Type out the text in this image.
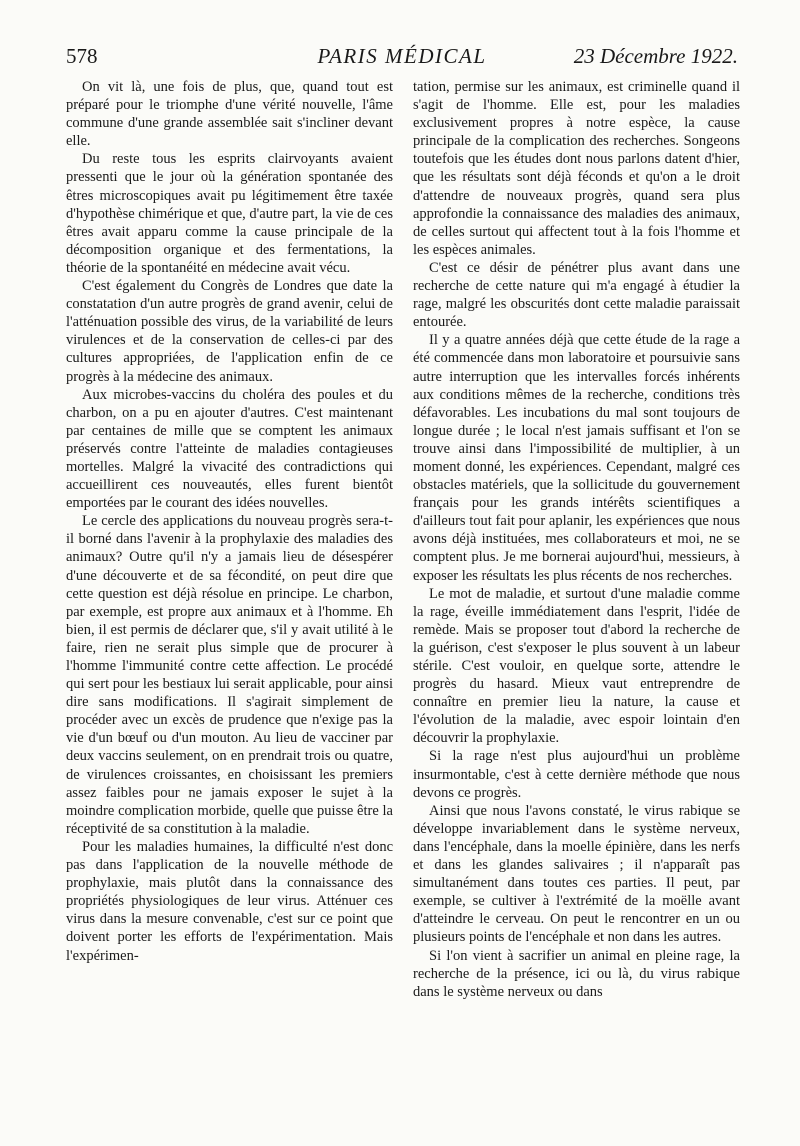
578	PARIS MÉDICAL	23 Décembre 1922.

On vit là, une fois de plus, que, quand tout est préparé pour le triomphe d'une vérité nouvelle, l'âme commune d'une grande assemblée sait s'incliner devant elle.

Du reste tous les esprits clairvoyants avaient pressenti que le jour où la génération spontanée des êtres microscopiques avait pu légitimement être taxée d'hypothèse chimérique et que, d'autre part, la vie de ces êtres avait apparu comme la cause principale de la décomposition organique et des fermentations, la théorie de la spontanéité en médecine avait vécu.

C'est également du Congrès de Londres que date la constatation d'un autre progrès de grand avenir, celui de l'atténuation possible des virus, de la variabilité de leurs virulences et de la conservation de celles-ci par des cultures appropriées, de l'application enfin de ce progrès à la médecine des animaux.

Aux microbes-vaccins du choléra des poules et du charbon, on a pu en ajouter d'autres. C'est maintenant par centaines de mille que se comptent les animaux préservés contre l'atteinte de maladies contagieuses mortelles. Malgré la vivacité des contradictions qui accueillirent ces nouveautés, elles furent bientôt emportées par le courant des idées nouvelles.

Le cercle des applications du nouveau progrès sera-t-il borné dans l'avenir à la prophylaxie des maladies des animaux? Outre qu'il n'y a jamais lieu de désespérer d'une découverte et de sa fécondité, on peut dire que cette question est déjà résolue en principe. Le charbon, par exemple, est propre aux animaux et à l'homme. Eh bien, il est permis de déclarer que, s'il y avait utilité à le faire, rien ne serait plus simple que de procurer à l'homme l'immunité contre cette affection. Le procédé qui sert pour les bestiaux lui serait applicable, pour ainsi dire sans modifications. Il s'agirait simplement de procéder avec un excès de prudence que n'exige pas la vie d'un bœuf ou d'un mouton. Au lieu de vacciner par deux vaccins seulement, on en prendrait trois ou quatre, de virulences croissantes, en choisissant les premiers assez faibles pour ne jamais exposer le sujet à la moindre complication morbide, quelle que puisse être la réceptivité de sa constitution à la maladie.

Pour les maladies humaines, la difficulté n'est donc pas dans l'application de la nouvelle méthode de prophylaxie, mais plutôt dans la connaissance des propriétés physiologiques de leur virus. Atténuer ces virus dans la mesure convenable, c'est sur ce point que doivent porter les efforts de l'expérimentation. Mais l'expérimen-

tation, permise sur les animaux, est criminelle quand il s'agit de l'homme. Elle est, pour les maladies exclusivement propres à notre espèce, la cause principale de la complication des recherches. Songeons toutefois que les études dont nous parlons datent d'hier, que les résultats sont déjà féconds et qu'on a le droit d'attendre de nouveaux progrès, quand sera plus approfondie la connaissance des maladies des animaux, de celles surtout qui affectent tout à la fois l'homme et les espèces animales.

C'est ce désir de pénétrer plus avant dans une recherche de cette nature qui m'a engagé à étudier la rage, malgré les obscurités dont cette maladie paraissait entourée.

Il y a quatre années déjà que cette étude de la rage a été commencée dans mon laboratoire et poursuivie sans autre interruption que les intervalles forcés inhérents aux conditions mêmes de la recherche, conditions très défavorables. Les incubations du mal sont toujours de longue durée ; le local n'est jamais suffisant et l'on se trouve ainsi dans l'impossibilité de multiplier, à un moment donné, les expériences. Cependant, malgré ces obstacles matériels, que la sollicitude du gouvernement français pour les grands intérêts scientifiques a d'ailleurs tout fait pour aplanir, les expériences que nous avons déjà instituées, mes collaborateurs et moi, ne se comptent plus. Je me bornerai aujourd'hui, messieurs, à exposer les résultats les plus récents de nos recherches.

Le mot de maladie, et surtout d'une maladie comme la rage, éveille immédiatement dans l'esprit, l'idée de remède. Mais se proposer tout d'abord la recherche de la guérison, c'est s'exposer le plus souvent à un labeur stérile. C'est vouloir, en quelque sorte, attendre le progrès du hasard. Mieux vaut entreprendre de connaître en premier lieu la nature, la cause et l'évolution de la maladie, avec espoir lointain d'en découvrir la prophylaxie.

Si la rage n'est plus aujourd'hui un problème insurmontable, c'est à cette dernière méthode que nous devons ce progrès.

Ainsi que nous l'avons constaté, le virus rabique se développe invariablement dans le système nerveux, dans l'encéphale, dans la moelle épinière, dans les nerfs et dans les glandes salivaires ; il n'apparaît pas simultanément dans toutes ces parties. Il peut, par exemple, se cultiver à l'extrémité de la moëlle avant d'atteindre le cerveau. On peut le rencontrer en un ou plusieurs points de l'encéphale et non dans les autres.

Si l'on vient à sacrifier un animal en pleine rage, la recherche de la présence, ici ou là, du virus rabique dans le système nerveux ou dans
